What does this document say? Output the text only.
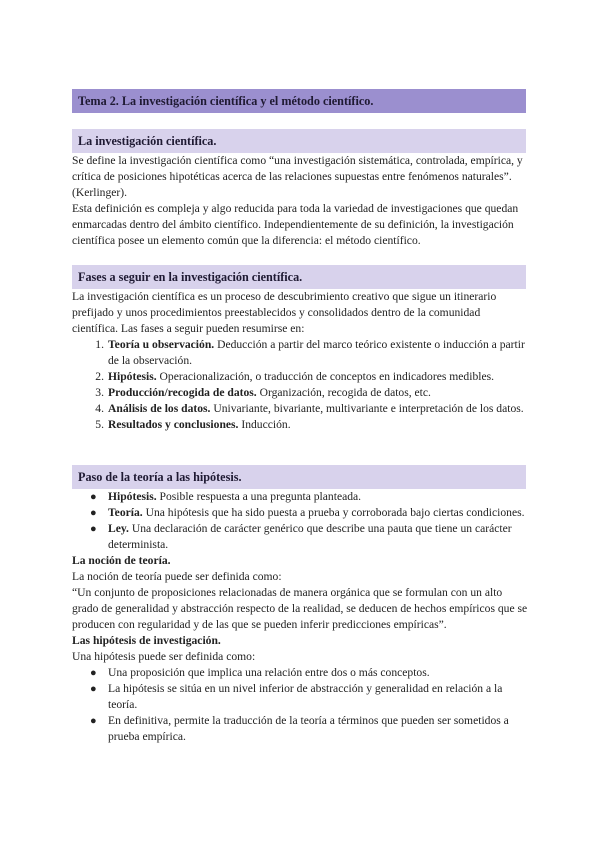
Tema 2. La investigación científica y el método científico.
La investigación científica.

Se define la investigación científica como “una investigación sistemática, controlada, empírica, y crítica de posiciones hipotéticas acerca de las relaciones supuestas entre fenómenos naturales”. (Kerlinger).

Esta definición es compleja y algo reducida para toda la variedad de investigaciones que quedan enmarcadas dentro del ámbito científico. Independientemente de su definición, la investigación científica posee un elemento común que la diferencia: el método científico.

Fases a seguir en la investigación científica.

La investigación científica es un proceso de descubrimiento creativo que sigue un itinerario prefijado y unos procedimientos preestablecidos y consolidados dentro de la comunidad científica. Las fases a seguir pueden resumirse en:

1. Teoría u observación. Deducción a partir del marco teórico existente o inducción a partir de la observación.
2. Hipótesis. Operacionalización, o traducción de conceptos en indicadores medibles.
3. Producción/recogida de datos. Organización, recogida de datos, etc.
4. Análisis de los datos. Univariante, bivariante, multivariante e interpretación de los datos.
5. Resultados y conclusiones. Inducción.
Paso de la teoría a las hipótesis.
● Hipótesis. Posible respuesta a una pregunta planteada.
● Teoría. Una hipótesis que ha sido puesta a prueba y corroborada bajo ciertas condiciones.
● Ley. Una declaración de carácter genérico que describe una pauta que tiene un carácter determinista.

La noción de teoría.

La noción de teoría puede ser definida como:

“Un conjunto de proposiciones relacionadas de manera orgánica que se formulan con un alto grado de generalidad y abstracción respecto de la realidad, se deducen de hechos empíricos que se producen con regularidad y de las que se pueden inferir predicciones empíricas”.

Las hipótesis de investigación.

Una hipótesis puede ser definida como:

● Una proposición que implica una relación entre dos o más conceptos.
● La hipótesis se sitúa en un nivel inferior de abstracción y generalidad en relación a la teoría.
● En definitiva, permite la traducción de la teoría a términos que pueden ser sometidos a prueba empírica.
